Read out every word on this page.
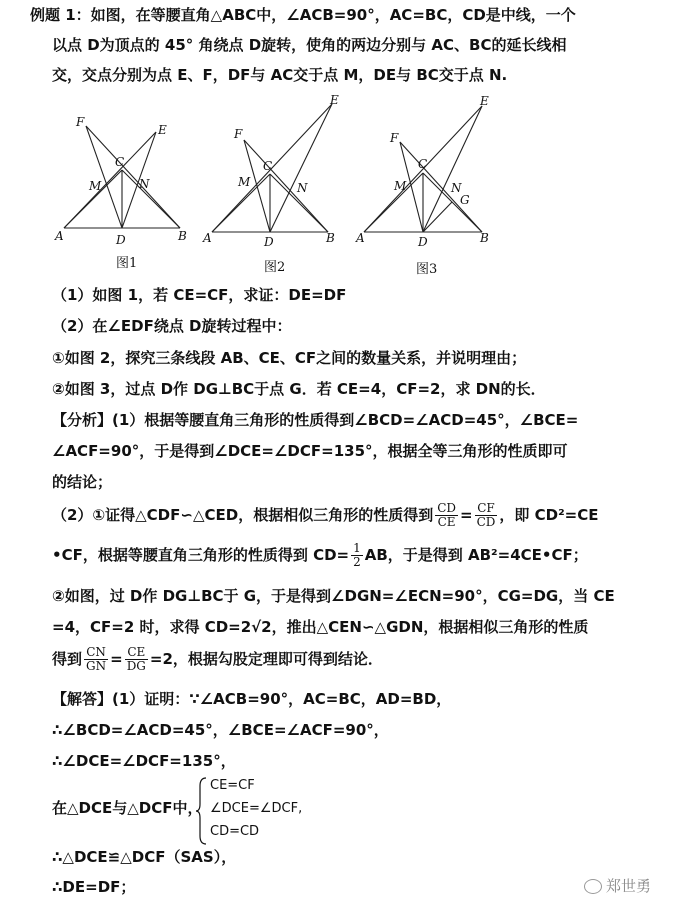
例题 1：如图，在等腰直角△ABC中，∠ACB=90°，AC=BC，CD是中线，一个
以点 D为顶点的 45° 角绕点 D旋转，使角的两边分别与 AC、BC的延长线相
交，交点分别为点 E、F，DF与 AC交于点 M，DE与 BC交于点 N.
F
E
C
M	N
A	D	B
E
F
C
M	N
A	D	B
E
F
C
M	N
G
A	D	B
图1	图2	图3
（1）如图 1，若 CE=CF，求证：DE=DF
（2）在∠EDF绕点 D旋转过程中：
①如图 2，探究三条线段 AB、CE、CF之间的数量关系，并说明理由；
②如图 3，过点 D作 DG⊥BC于点 G．若 CE=4，CF=2，求 DN的长．
【分析】(1）根据等腰直角三角形的性质得到∠BCD=∠ACD=45°，∠BCE=
∠ACF=90°，于是得到∠DCE=∠DCF=135°，根据全等三角形的性质即可
的结论；
（2）①证得△CDF∽△CED，根据相似三角形的性质得到 $\frac{CD}{CE} = \frac{CF}{CD}$ ，即 CD²=CE
•CF，根据等腰直角三角形的性质得到 $CD= \frac{1}{2}$ AB，于是得到 AB²=4CE•CF；
②如图，过 D作 DG⊥BC于 G，于是得到∠DGN=∠ECN=90°，CG=DG，当 CE
=4，CF=2 时，求得 CD=2√2，推出△CEN∽△GDN，根据相似三角形的性质
得到 $\frac{CN}{GN} = \frac{CE}{DG} =2$，根据勾股定理即可得到结论．
【解答】(1）证明：∵∠ACB=90°，AC=BC，AD=BD，
∴∠BCD=∠ACD=45°，∠BCE=∠ACF=90°，
∴∠DCE=∠DCF=135°，
在△DCE与△DCF中，
CE=CF
∠DCE=∠DCF,
CD=CD
∴△DCE≌△DCF（SAS），
∴DE=DF；	郑世勇
